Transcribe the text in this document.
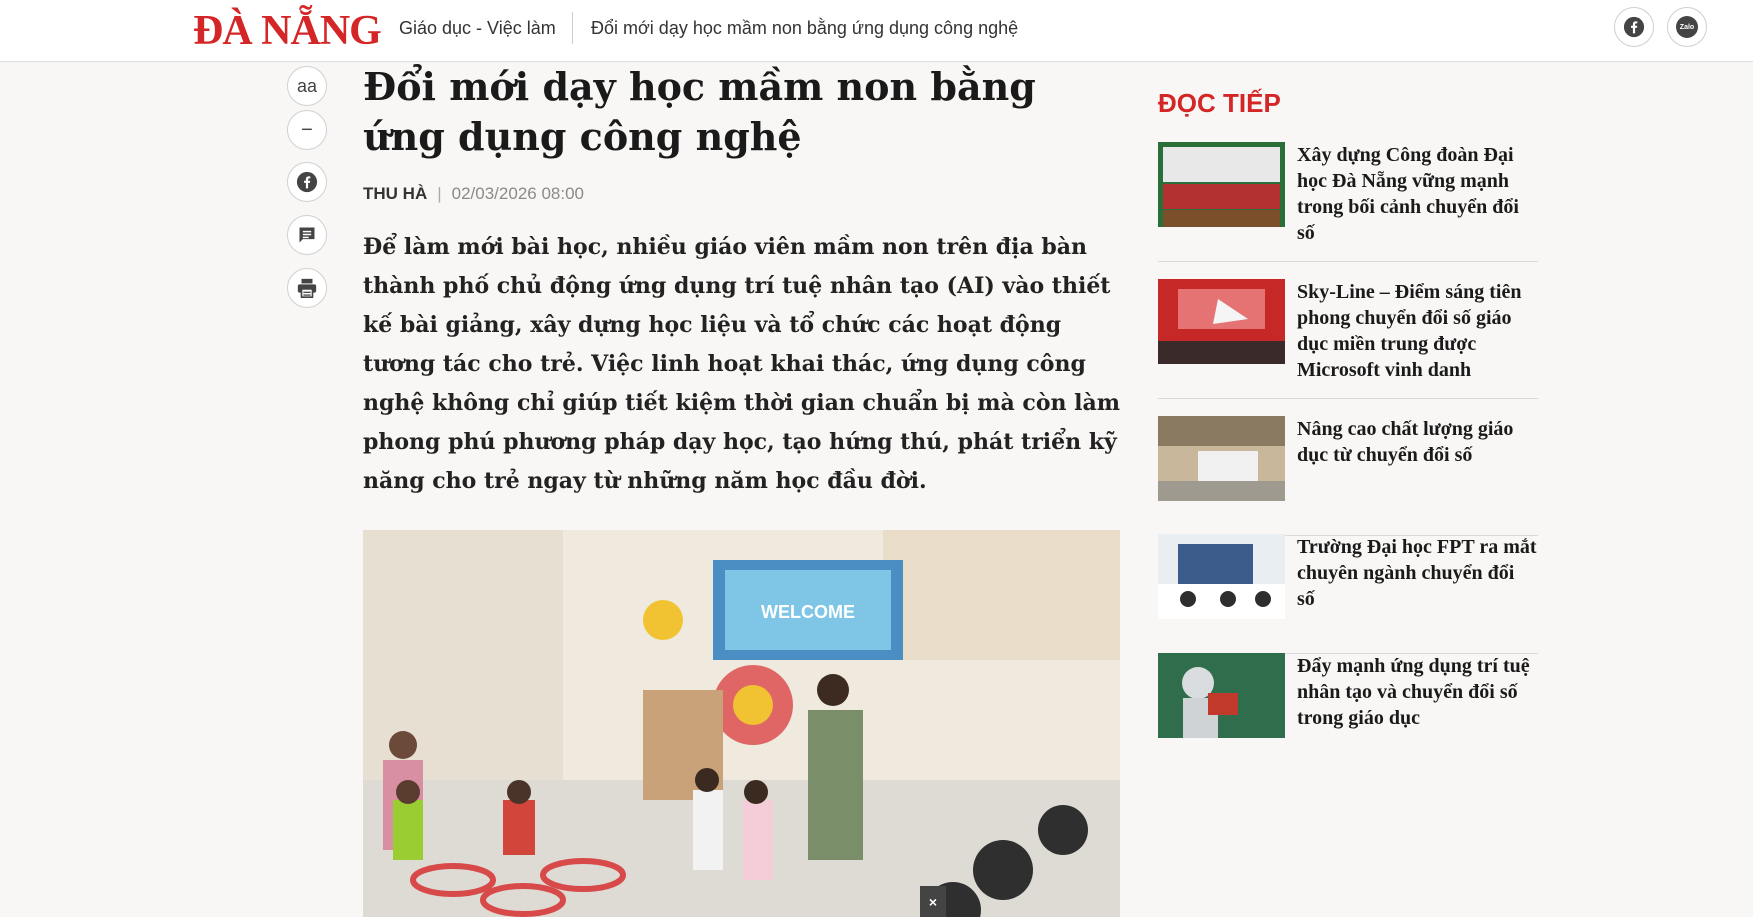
ĐÀ NẴNG Giáo dục - Việc làm Đổi mới dạy học mầm non bằng ứng dụng công nghệ	Zalo
aa
−
Đổi mới dạy học mầm non bằng ứng dụng công nghệ
THU HÀ | 02/03/2026 08:00

Để làm mới bài học, nhiều giáo viên mầm non trên địa bàn thành phố chủ động ứng dụng trí tuệ nhân tạo (AI) vào thiết kế bài giảng, xây dựng học liệu và tổ chức các hoạt động tương tác cho trẻ. Việc linh hoạt khai thác, ứng dụng công nghệ không chỉ giúp tiết kiệm thời gian chuẩn bị mà còn làm phong phú phương pháp dạy học, tạo hứng thú, phát triển kỹ năng cho trẻ ngay từ những năm học đầu đời.

WELCOME
×
ĐỌC TIẾP
Xây dựng Công đoàn Đại học Đà Nẵng vững mạnh trong bối cảnh chuyển đổi số
Sky-Line – Điểm sáng tiên phong chuyển đổi số giáo dục miền trung được Microsoft vinh danh
Nâng cao chất lượng giáo dục từ chuyển đổi số
Trường Đại học FPT ra mắt chuyên ngành chuyển đổi số
Đẩy mạnh ứng dụng trí tuệ nhân tạo và chuyển đổi số trong giáo dục
